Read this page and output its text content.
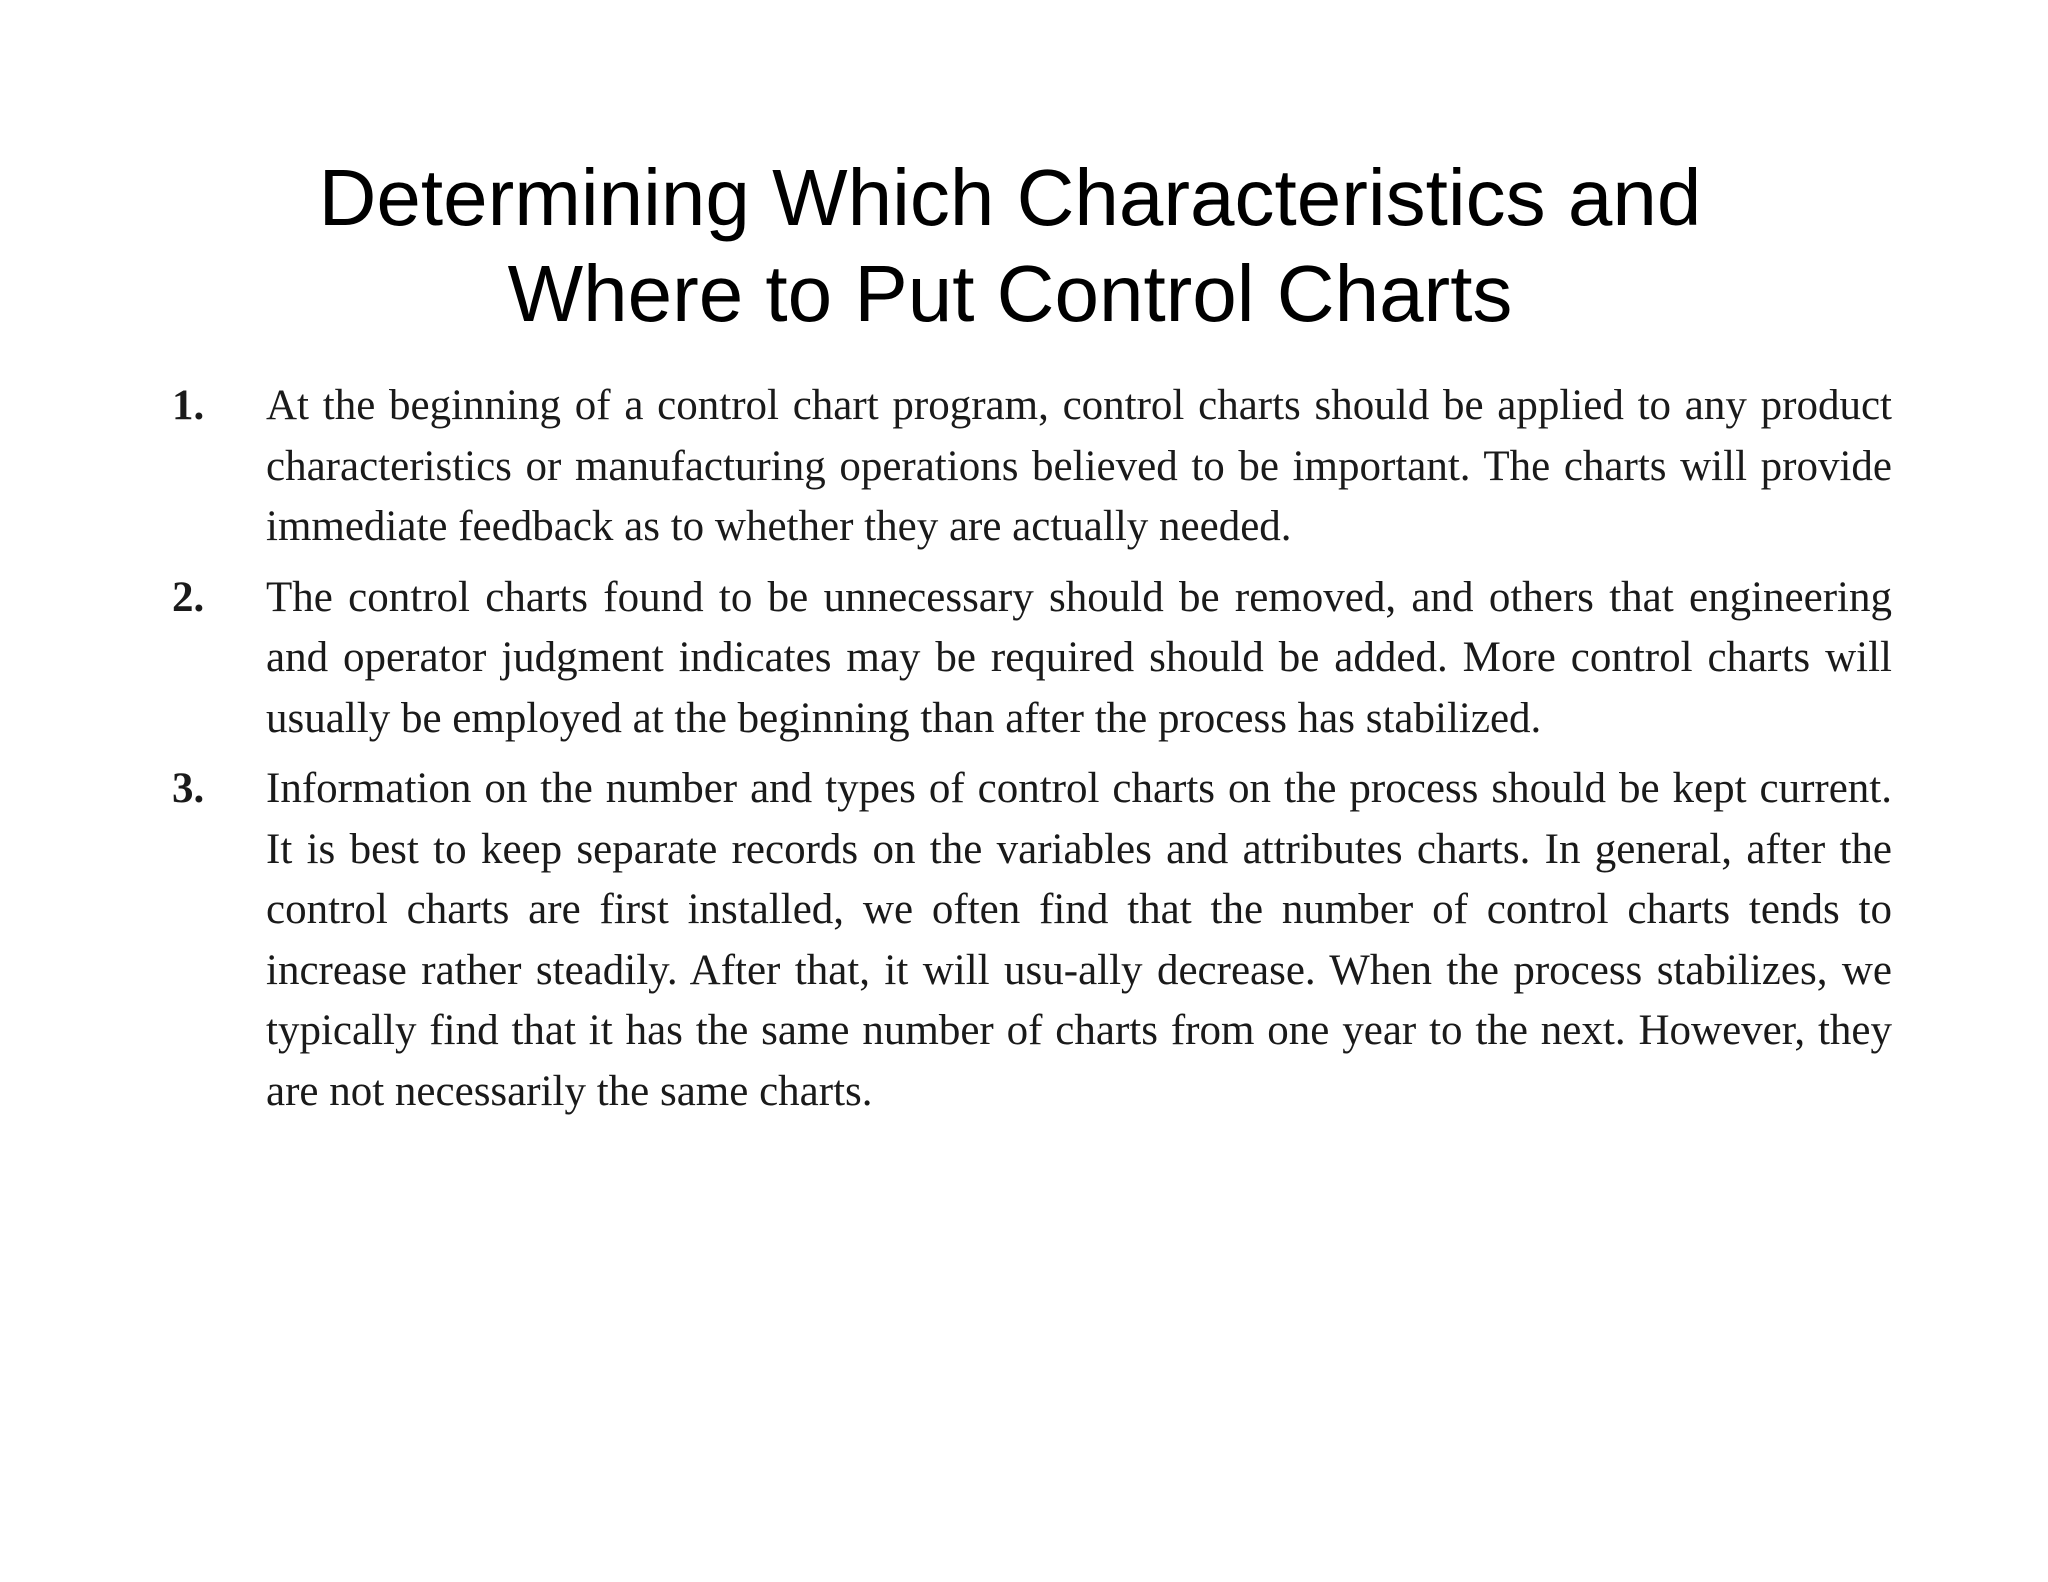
Determining Which Characteristics and
Where to Put Control Charts
1. At the beginning of a control chart program, control charts should be applied to any product characteristics or manufacturing operations believed to be important. The charts will provide immediate feedback as to whether they are actually needed.
2. The control charts found to be unnecessary should be removed, and others that engineering and operator judgment indicates may be required should be added. More control charts will usually be employed at the beginning than after the process has stabilized.
3. Information on the number and types of control charts on the process should be kept current. It is best to keep separate records on the variables and attributes charts. In general, after the control charts are first installed, we often find that the number of control charts tends to increase rather steadily. After that, it will usu-ally decrease. When the process stabilizes, we typically find that it has the same number of charts from one year to the next. However, they are not necessarily the same charts.
